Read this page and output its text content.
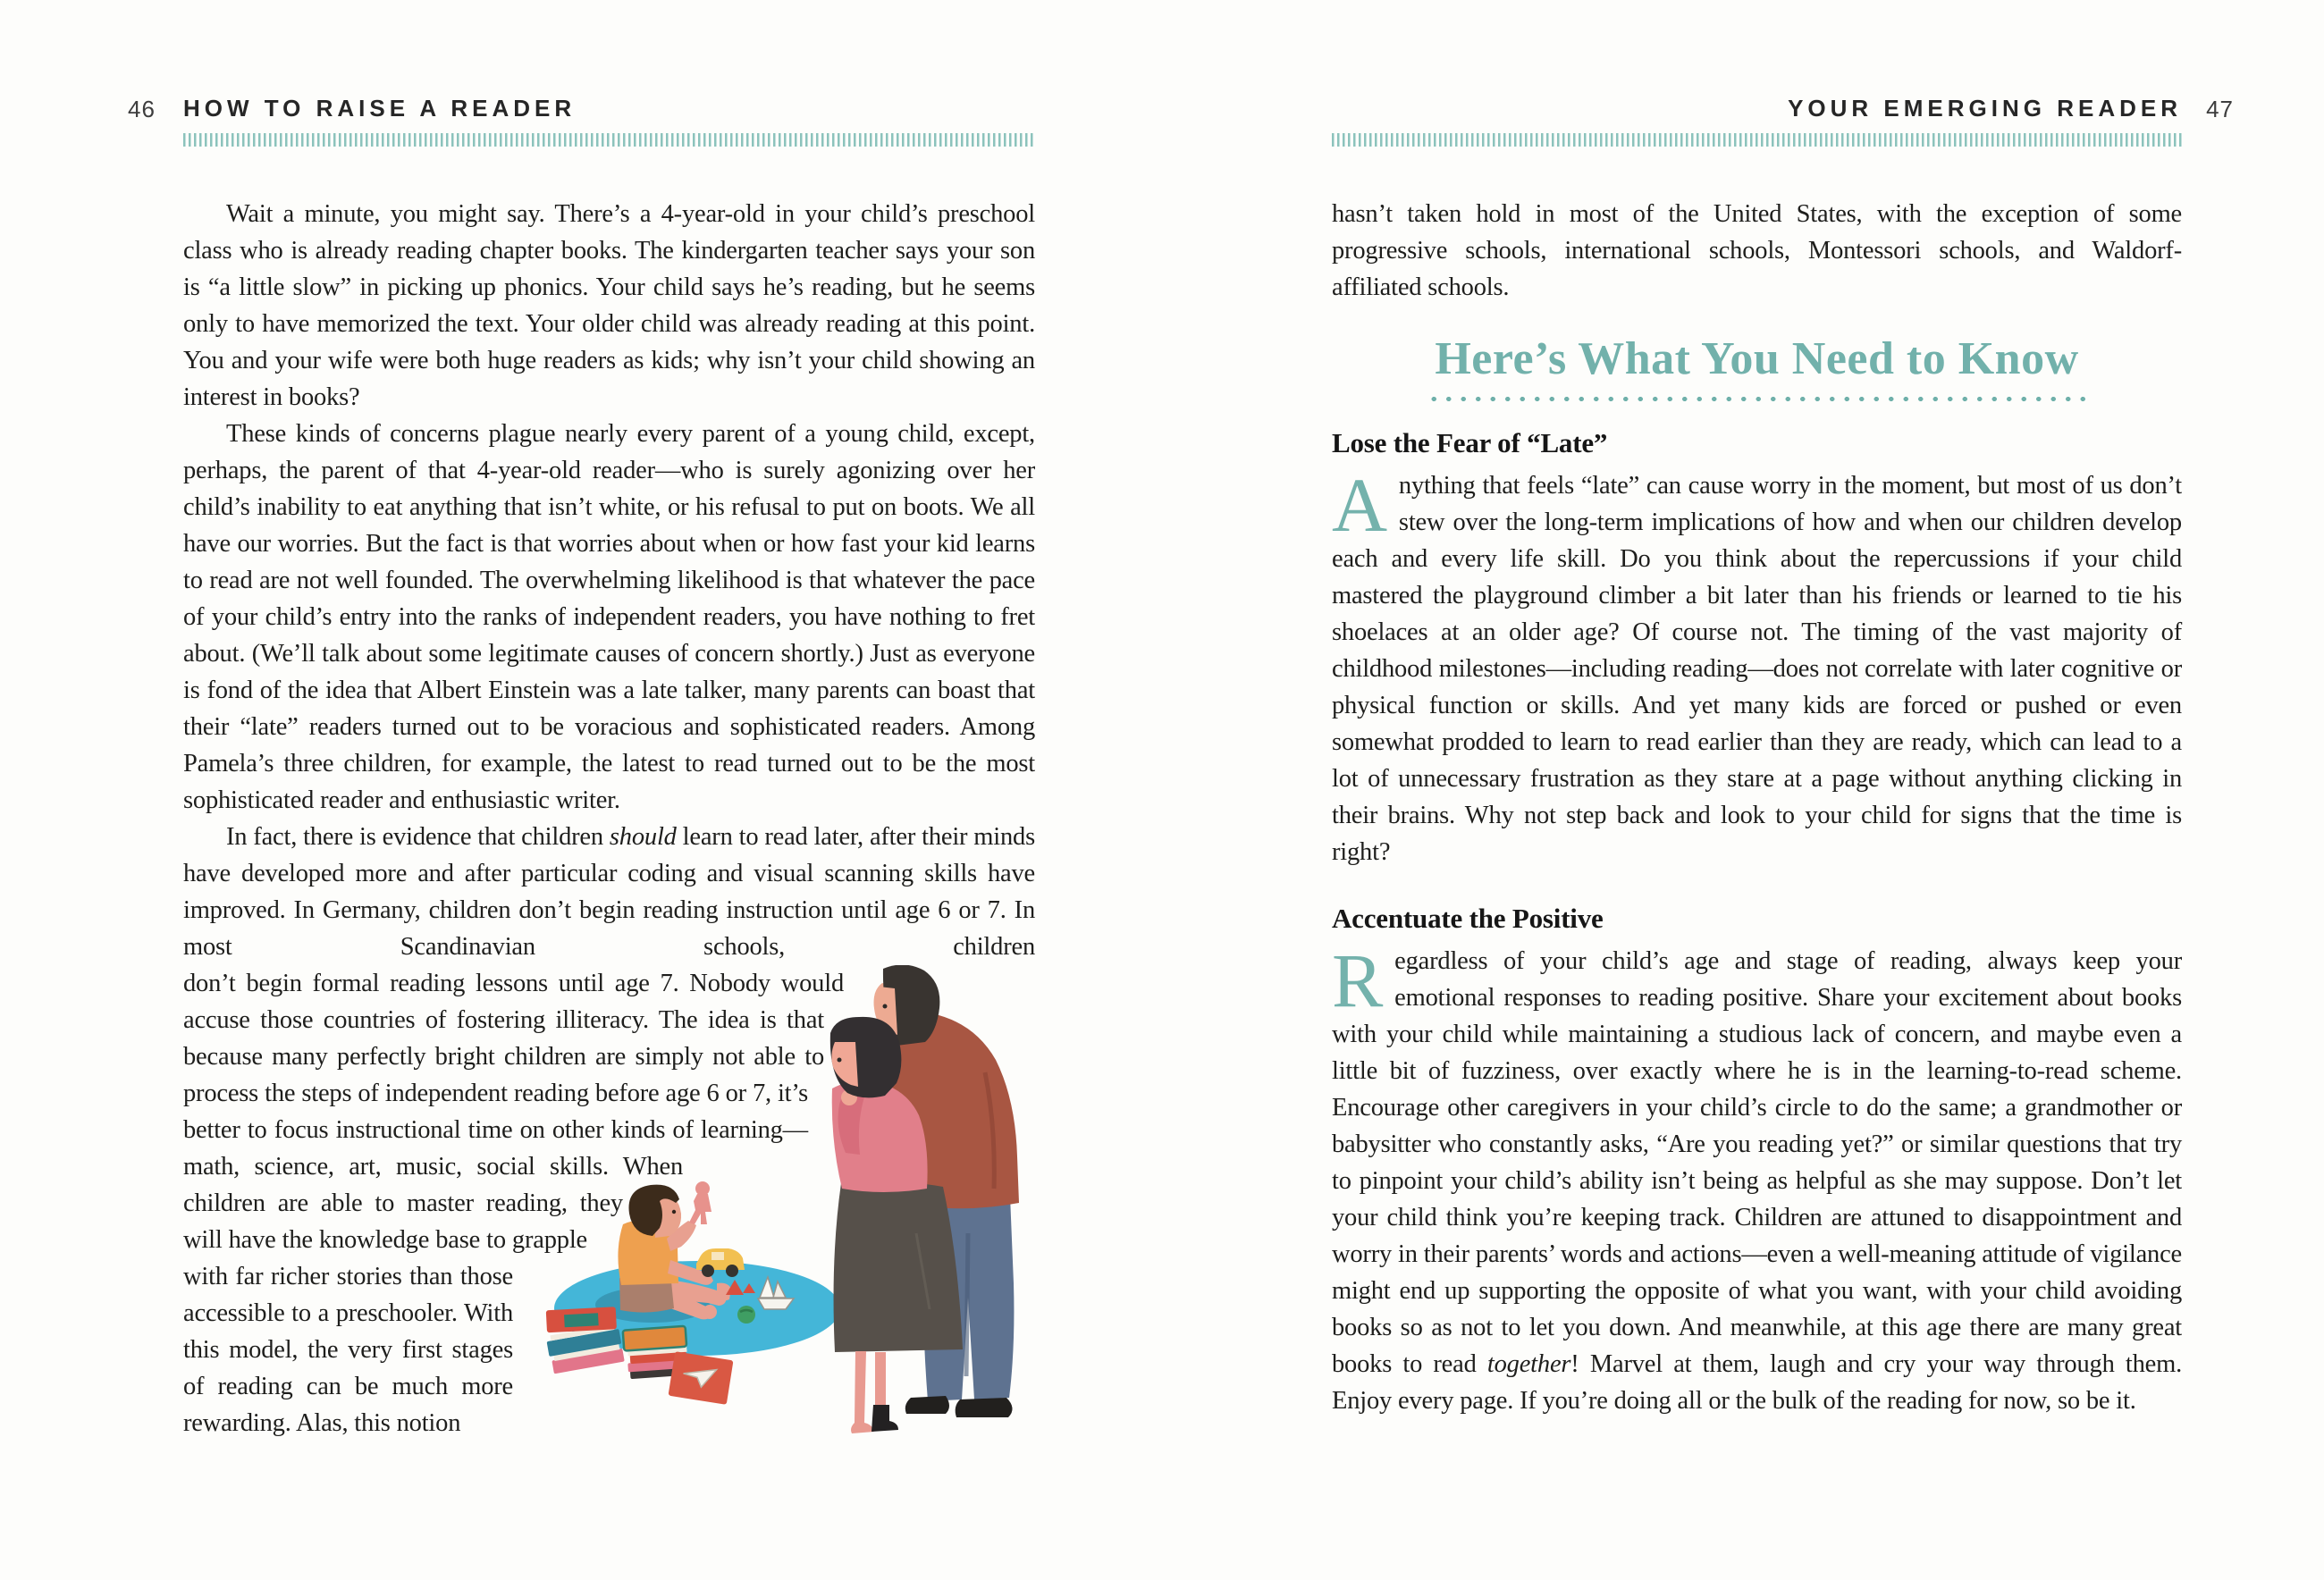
46 HOW TO RAISE A READER

Wait a minute, you might say. There’s a 4-year-old in your child’s preschool class who is already reading chapter books. The kindergarten teacher says your son is “a little slow” in picking up phonics. Your child says he’s reading, but he seems only to have memorized the text. Your older child was already reading at this point. You and your wife were both huge readers as kids; why isn’t your child showing an interest in books?

These kinds of concerns plague nearly every parent of a young child, except, perhaps, the parent of that 4-year-old reader—who is surely agonizing over her child’s inability to eat anything that isn’t white, or his refusal to put on boots. We all have our worries. But the fact is that worries about when or how fast your kid learns to read are not well founded. The overwhelming likelihood is that whatever the pace of your child’s entry into the ranks of independent readers, you have nothing to fret about. (We’ll talk about some legitimate causes of concern shortly.) Just as everyone is fond of the idea that Albert Einstein was a late talker, many parents can boast that their “late” readers turned out to be voracious and sophisticated readers. Among Pamela’s three children, for example, the latest to read turned out to be the most sophisticated reader and enthusiastic writer.

In fact, there is evidence that children should learn to read later, after their minds have developed more and after particular coding and visual scanning skills have improved. In Germany, children don’t begin reading instruction until age 6 or 7. In most Scandinavian schools, children

don’t begin formal reading lessons until age 7. Nobody would accuse those countries of fostering illiteracy. The idea is that because many perfectly bright children are simply not able to process the steps of independent reading before age 6 or 7, it’s better to focus instructional time on other kinds of learning—math, science, art, music, social skills. When children are able to master reading, they will have the knowledge base to grapple with far richer stories than those accessible to a preschooler. With this model, the very first stages of reading can be much more rewarding. Alas, this notion
YOUR EMERGING READER 47

hasn’t taken hold in most of the United States, with the exception of some progressive schools, international schools, Montessori schools, and Waldorf-affiliated schools.

Here’s What You Need to Know
Lose the Fear of “Late”
A nything that feels “late” can cause worry in the moment, but most of us don’t stew over the long-term implications of how and when our children develop each and every life skill. Do you think about the repercussions if your child mastered the playground climber a bit later than his friends or learned to tie his shoelaces at an older age? Of course not. The timing of the vast majority of childhood milestones—including reading—does not correlate with later cognitive or physical function or skills. And yet many kids are forced or pushed or even somewhat prodded to learn to read earlier than they are ready, which can lead to a lot of unnecessary frustration as they stare at a page without anything clicking in their brains. Why not step back and look to your child for signs that the time is right?
Accentuate the Positive
R egardless of your child’s age and stage of reading, always keep your emotional responses to reading positive. Share your excitement about books with your child while maintaining a studious lack of concern, and maybe even a little bit of fuzziness, over exactly where he is in the learning-to-read scheme. Encourage other caregivers in your child’s circle to do the same; a grandmother or babysitter who constantly asks, “Are you reading yet?” or similar questions that try to pinpoint your child’s ability isn’t being as helpful as she may suppose. Don’t let your child think you’re keeping track. Children are attuned to disappointment and worry in their parents’ words and actions—even a well-meaning attitude of vigilance might end up supporting the opposite of what you want, with your child avoiding books so as not to let you down. And meanwhile, at this age there are many great books to read together! Marvel at them, laugh and cry your way through them. Enjoy every page. If you’re doing all or the bulk of the reading for now, so be it.
